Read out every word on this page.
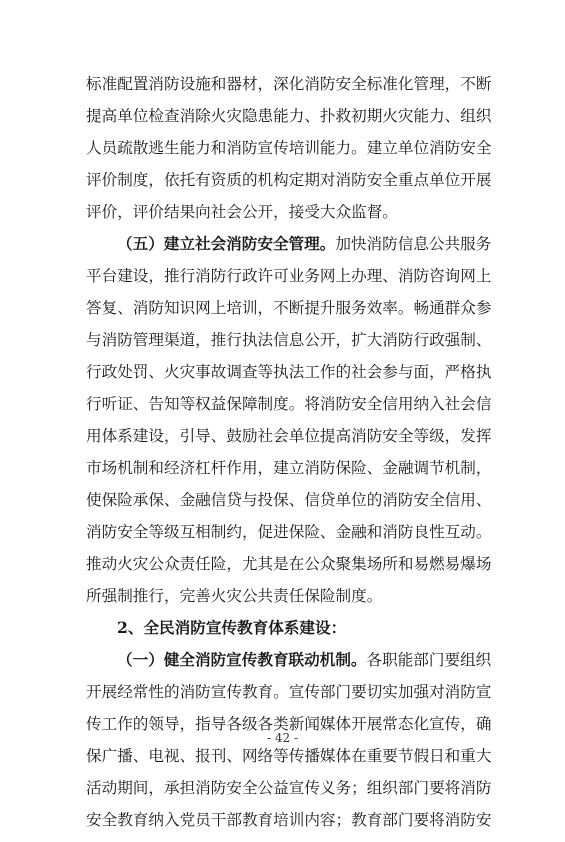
标准配置消防设施和器材，深化消防安全标准化管理，不断
提高单位检查消除火灾隐患能力、扑救初期火灾能力、组织
人员疏散逃生能力和消防宣传培训能力。建立单位消防安全
评价制度，依托有资质的机构定期对消防安全重点单位开展
评价，评价结果向社会公开，接受大众监督。
（五）建立社会消防安全管理。加快消防信息公共服务
平台建设，推行消防行政许可业务网上办理、消防咨询网上
答复、消防知识网上培训，不断提升服务效率。畅通群众参
与消防管理渠道，推行执法信息公开，扩大消防行政强制、
行政处罚、火灾事故调查等执法工作的社会参与面，严格执
行听证、告知等权益保障制度。将消防安全信用纳入社会信
用体系建设，引导、鼓励社会单位提高消防安全等级，发挥
市场机制和经济杠杆作用，建立消防保险、金融调节机制，
使保险承保、金融信贷与投保、信贷单位的消防安全信用、
消防安全等级互相制约，促进保险、金融和消防良性互动。
推动火灾公众责任险，尤其是在公众聚集场所和易燃易爆场
所强制推行，完善火灾公共责任保险制度。
2、全民消防宣传教育体系建设：
（一）健全消防宣传教育联动机制。各职能部门要组织
开展经常性的消防宣传教育。宣传部门要切实加强对消防宣
传工作的领导，指导各级各类新闻媒体开展常态化宣传，确
保广播、电视、报刊、网络等传播媒体在重要节假日和重大
活动期间，承担消防安全公益宣传义务；组织部门要将消防
安全教育纳入党员干部教育培训内容；教育部门要将消防安
- 42 -
